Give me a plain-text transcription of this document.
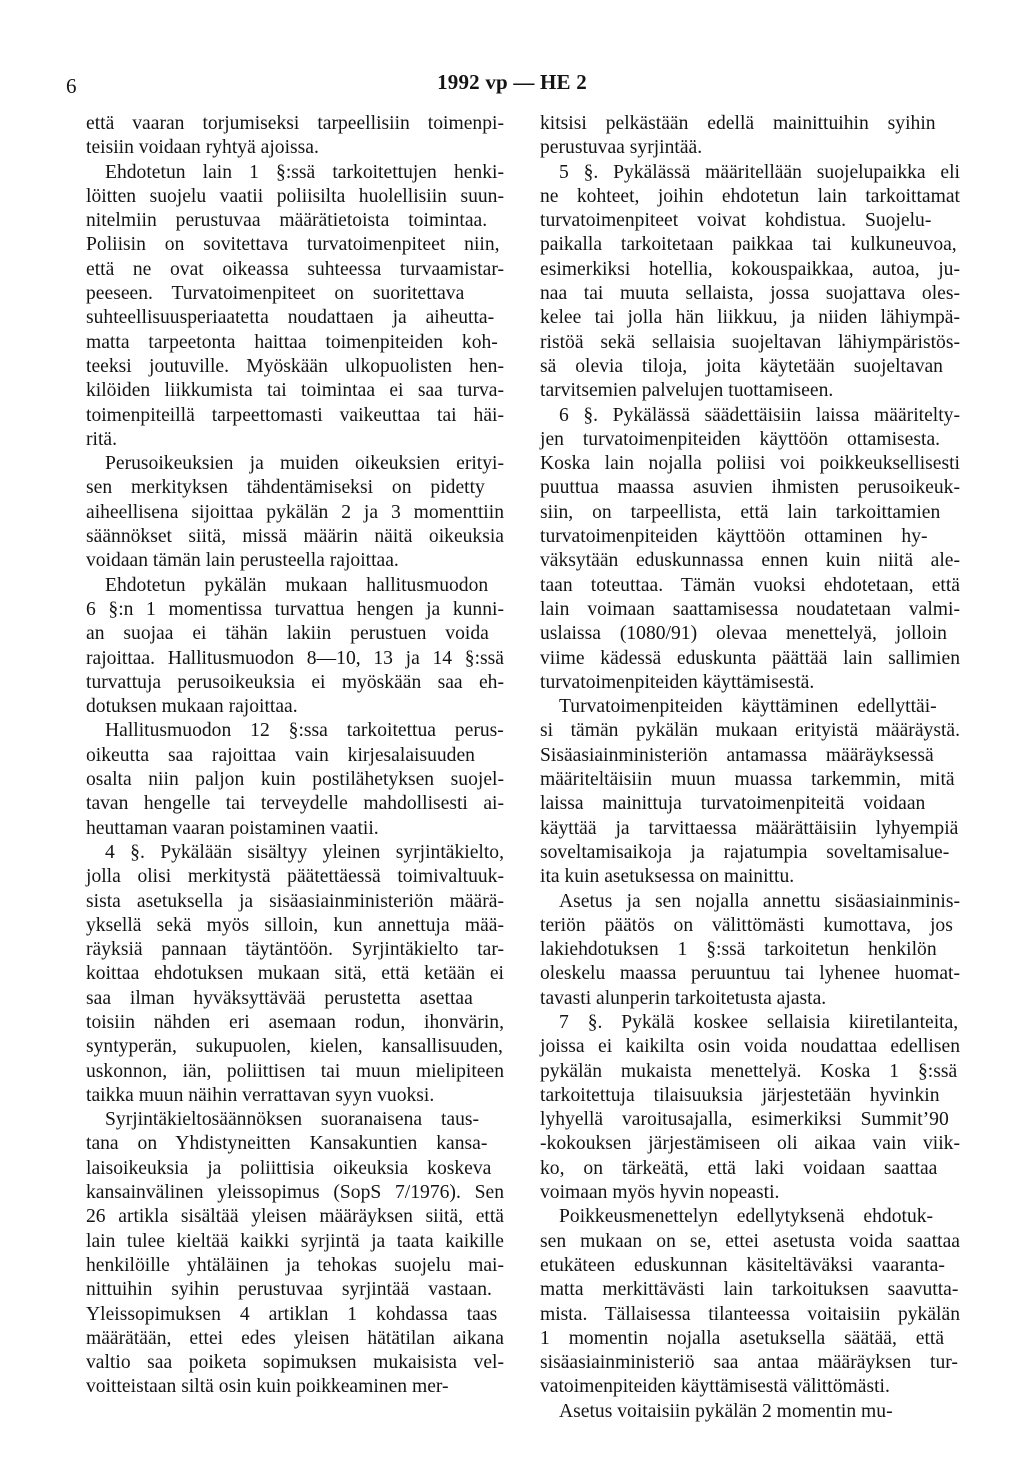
6	1992 vp — HE 2
että vaaran torjumiseksi tarpeellisiin toimenpi-
teisiin voidaan ryhtyä ajoissa.
Ehdotetun lain 1 §:ssä tarkoitettujen henki-
löitten suojelu vaatii poliisilta huolellisiin suun-
nitelmiin perustuvaa määrätietoista toimintaa.
Poliisin on sovitettava turvatoimenpiteet niin,
että ne ovat oikeassa suhteessa turvaamistar-
peeseen. Turvatoimenpiteet on suoritettava
suhteellisuusperiaatetta noudattaen ja aiheutta-
matta tarpeetonta haittaa toimenpiteiden koh-
teeksi joutuville. Myöskään ulkopuolisten hen-
kilöiden liikkumista tai toimintaa ei saa turva-
toimenpiteillä tarpeettomasti vaikeuttaa tai häi-
ritä.
Perusoikeuksien ja muiden oikeuksien erityi-
sen merkityksen tähdentämiseksi on pidetty
aiheellisena sijoittaa pykälän 2 ja 3 momenttiin
säännökset siitä, missä määrin näitä oikeuksia
voidaan tämän lain perusteella rajoittaa.
Ehdotetun pykälän mukaan hallitusmuodon
6 §:n 1 momentissa turvattua hengen ja kunni-
an suojaa ei tähän lakiin perustuen voida
rajoittaa. Hallitusmuodon 8—10, 13 ja 14 §:ssä
turvattuja perusoikeuksia ei myöskään saa eh-
dotuksen mukaan rajoittaa.
Hallitusmuodon 12 §:ssa tarkoitettua perus-
oikeutta saa rajoittaa vain kirjesalaisuuden
osalta niin paljon kuin postilähetyksen suojel-
tavan hengelle tai terveydelle mahdollisesti ai-
heuttaman vaaran poistaminen vaatii.
4 §. Pykälään sisältyy yleinen syrjintäkielto,
jolla olisi merkitystä päätettäessä toimivaltuuk-
sista asetuksella ja sisäasiainministeriön määrä-
yksellä sekä myös silloin, kun annettuja mää-
räyksiä pannaan täytäntöön. Syrjintäkielto tar-
koittaa ehdotuksen mukaan sitä, että ketään ei
saa ilman hyväksyttävää perustetta asettaa
toisiin nähden eri asemaan rodun, ihonvärin,
syntyperän, sukupuolen, kielen, kansallisuuden,
uskonnon, iän, poliittisen tai muun mielipiteen
taikka muun näihin verrattavan syyn vuoksi.
Syrjintäkieltosäännöksen suoranaisena taus-
tana on Yhdistyneitten Kansakuntien kansa-
laisoikeuksia ja poliittisia oikeuksia koskeva
kansainvälinen yleissopimus (SopS 7/1976). Sen
26 artikla sisältää yleisen määräyksen siitä, että
lain tulee kieltää kaikki syrjintä ja taata kaikille
henkilöille yhtäläinen ja tehokas suojelu mai-
nittuihin syihin perustuvaa syrjintää vastaan.
Yleissopimuksen 4 artiklan 1 kohdassa taas
määrätään, ettei edes yleisen hätätilan aikana
valtio saa poiketa sopimuksen mukaisista vel-
voitteistaan siltä osin kuin poikkeaminen mer-
kitsisi pelkästään edellä mainittuihin syihin
perustuvaa syrjintää.
5 §. Pykälässä määritellään suojelupaikka eli
ne kohteet, joihin ehdotetun lain tarkoittamat
turvatoimenpiteet voivat kohdistua. Suojelu-
paikalla tarkoitetaan paikkaa tai kulkuneuvoa,
esimerkiksi hotellia, kokouspaikkaa, autoa, ju-
naa tai muuta sellaista, jossa suojattava oles-
kelee tai jolla hän liikkuu, ja niiden lähiympä-
ristöä sekä sellaisia suojeltavan lähiympäristös-
sä olevia tiloja, joita käytetään suojeltavan
tarvitsemien palvelujen tuottamiseen.
6 §. Pykälässä säädettäisiin laissa määritelty-
jen turvatoimenpiteiden käyttöön ottamisesta.
Koska lain nojalla poliisi voi poikkeuksellisesti
puuttua maassa asuvien ihmisten perusoikeuk-
siin, on tarpeellista, että lain tarkoittamien
turvatoimenpiteiden käyttöön ottaminen hy-
väksytään eduskunnassa ennen kuin niitä ale-
taan toteuttaa. Tämän vuoksi ehdotetaan, että
lain voimaan saattamisessa noudatetaan valmi-
uslaissa (1080/91) olevaa menettelyä, jolloin
viime kädessä eduskunta päättää lain sallimien
turvatoimenpiteiden käyttämisestä.
Turvatoimenpiteiden käyttäminen edellyttäi-
si tämän pykälän mukaan erityistä määräystä.
Sisäasiainministeriön antamassa määräyksessä
määriteltäisiin muun muassa tarkemmin, mitä
laissa mainittuja turvatoimenpiteitä voidaan
käyttää ja tarvittaessa määrättäisiin lyhyempiä
soveltamisaikoja ja rajatumpia soveltamisalue-
ita kuin asetuksessa on mainittu.
Asetus ja sen nojalla annettu sisäasiainminis-
teriön päätös on välittömästi kumottava, jos
lakiehdotuksen 1 §:ssä tarkoitetun henkilön
oleskelu maassa peruuntuu tai lyhenee huomat-
tavasti alunperin tarkoitetusta ajasta.
7 §. Pykälä koskee sellaisia kiiretilanteita,
joissa ei kaikilta osin voida noudattaa edellisen
pykälän mukaista menettelyä. Koska 1 §:ssä
tarkoitettuja tilaisuuksia järjestetään hyvinkin
lyhyellä varoitusajalla, esimerkiksi Summit’90
-kokouksen järjestämiseen oli aikaa vain viik-
ko, on tärkeätä, että laki voidaan saattaa
voimaan myös hyvin nopeasti.
Poikkeusmenettelyn edellytyksenä ehdotuk-
sen mukaan on se, ettei asetusta voida saattaa
etukäteen eduskunnan käsiteltäväksi vaaranta-
matta merkittävästi lain tarkoituksen saavutta-
mista. Tällaisessa tilanteessa voitaisiin pykälän
1 momentin nojalla asetuksella säätää, että
sisäasiainministeriö saa antaa määräyksen tur-
vatoimenpiteiden käyttämisestä välittömästi.
Asetus voitaisiin pykälän 2 momentin mu-
